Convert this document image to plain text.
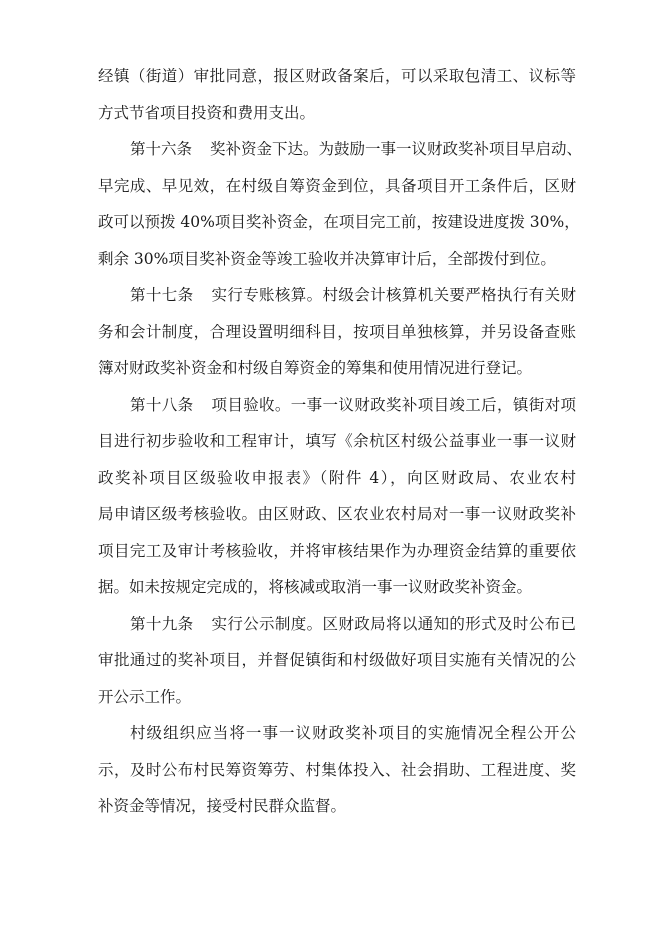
经镇（街道）审批同意，报区财政备案后，可以采取包清工、议标等
方式节省项目投资和费用支出。
第十六条 奖补资金下达。为鼓励一事一议财政奖补项目早启动、
早完成、早见效，在村级自筹资金到位，具备项目开工条件后，区财
政可以预拨 40%项目奖补资金，在项目完工前，按建设进度拨 30%，
剩余 30%项目奖补资金等竣工验收并决算审计后，全部拨付到位。
第十七条 实行专账核算。村级会计核算机关要严格执行有关财
务和会计制度，合理设置明细科目，按项目单独核算，并另设备查账
簿对财政奖补资金和村级自筹资金的筹集和使用情况进行登记。
第十八条 项目验收。一事一议财政奖补项目竣工后，镇街对项
目进行初步验收和工程审计，填写《余杭区村级公益事业一事一议财
政奖补项目区级验收申报表》（附件 4），向区财政局、农业农村
局申请区级考核验收。由区财政、区农业农村局对一事一议财政奖补
项目完工及审计考核验收，并将审核结果作为办理资金结算的重要依
据。如未按规定完成的，将核减或取消一事一议财政奖补资金。
第十九条 实行公示制度。区财政局将以通知的形式及时公布已
审批通过的奖补项目，并督促镇街和村级做好项目实施有关情况的公
开公示工作。
村级组织应当将一事一议财政奖补项目的实施情况全程公开公
示，及时公布村民筹资筹劳、村集体投入、社会捐助、工程进度、奖
补资金等情况，接受村民群众监督。
